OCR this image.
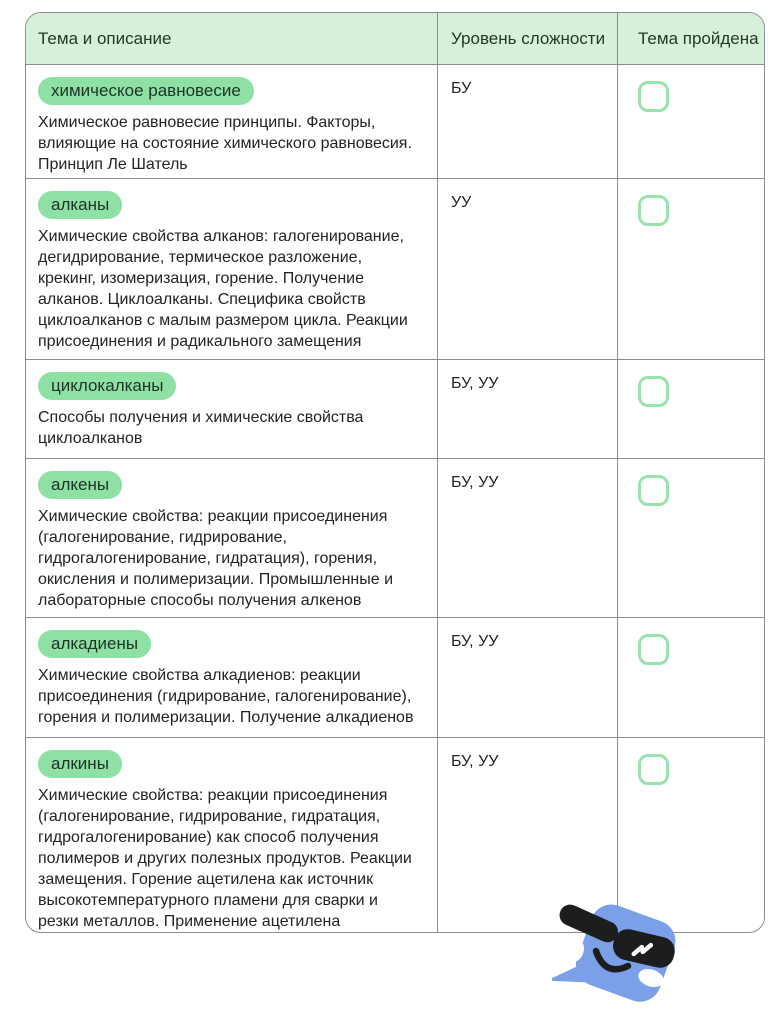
Тема и описание	Уровень сложности	Тема пройдена
химическое равновесие

Химическое равновесие принципы. Факторы, влияющие на состояние химического равновесия. Принцип Ле Шатель

БУ
алканы

Химические свойства алканов: галогенирование, дегидрирование, термическое разложение, крекинг, изомеризация, горение. Получение алканов. Циклоалканы. Специфика свойств циклоалканов с малым размером цикла. Реакции присоединения и радикального замещения

УУ
циклокалканы

Способы получения и химические свойства циклоалканов

БУ, УУ
алкены

Химические свойства: реакции присоединения (галогенирование, гидрирование, гидрогалогенирование, гидратация), горения, окисления и полимеризации. Промышленные и лабораторные способы получения алкенов

БУ, УУ
алкадиены

Химические свойства алкадиенов: реакции присоединения (гидрирование, галогенирование), горения и полимеризации. Получение алкадиенов

БУ, УУ
алкины

Химические свойства: реакции присоединения (галогенирование, гидрирование, гидратация, гидрогалогенирование) как способ получения полимеров и других полезных продуктов. Реакции замещения. Горение ацетилена как источник высокотемпературного пламени для сварки и резки металлов. Применение ацетилена

БУ, УУ
